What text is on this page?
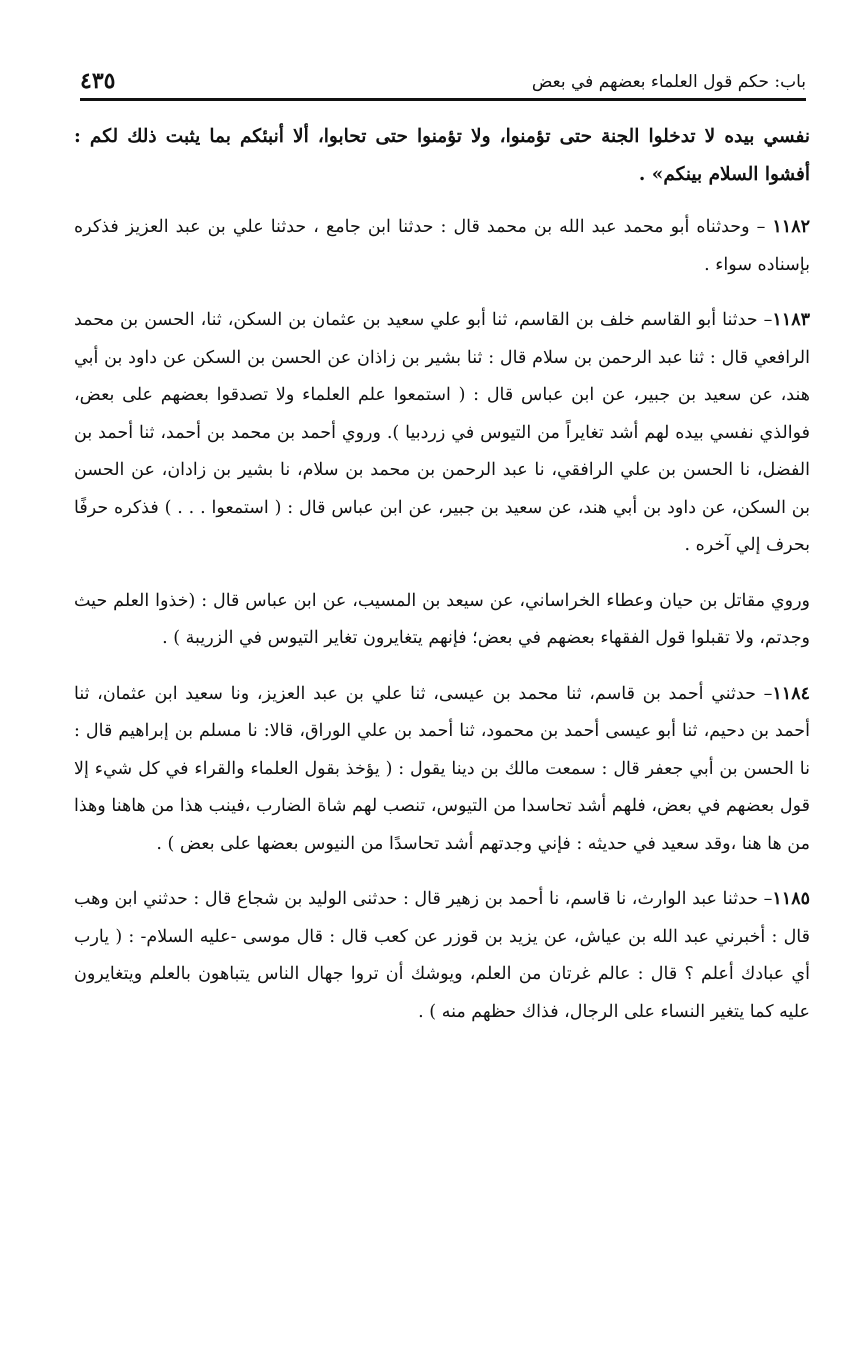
باب: حكم قول العلماء بعضهم في بعض
٤٣٥

نفسي بيده لا تدخلوا الجنة حتى تؤمنوا، ولا تؤمنوا حتى تحابوا، ألا أنبئكم بما يثبت ذلك لكم : أفشوا السلام بينكم» .

١١٨٢ – وحدثناه أبو محمد عبد الله بن محمد قال : حدثنا ابن جامع ، حدثنا علي بن عبد العزيز فذكره بإسناده سواء .

١١٨٣– حدثنا أبو القاسم خلف بن القاسم، ثنا أبو علي سعيد بن عثمان بن السكن، ثنا، الحسن بن محمد الرافعي قال : ثنا عبد الرحمن بن سلام قال : ثنا بشير بن زاذان عن الحسن بن السكن عن داود بن أبي هند، عن سعيد بن جبير، عن ابن عباس قال : ( استمعوا علم العلماء ولا تصدقوا بعضهم على بعض، فوالذي نفسي بيده لهم أشد تغايراً من التيوس في زردبيا ). وروي أحمد بن محمد بن أحمد، ثنا أحمد بن الفضل، نا الحسن بن علي الرافقي، نا عبد الرحمن بن محمد بن سلام، نا بشير بن زادان، عن الحسن بن السكن، عن داود بن أبي هند، عن سعيد بن جبير، عن ابن عباس قال : ( استمعوا . . . ) فذكره حرفًا بحرف إلي آخره .

وروي مقاتل بن حيان وعطاء الخراساني، عن سيعد بن المسيب، عن ابن عباس قال : (خذوا العلم حيث وجدتم، ولا تقبلوا قول الفقهاء بعضهم في بعض؛ فإنهم يتغايرون تغاير التيوس في الزريبة ) .

١١٨٤– حدثني أحمد بن قاسم، ثنا محمد بن عيسى، ثنا علي بن عبد العزيز، ونا سعيد ابن عثمان، ثنا أحمد بن دحيم، ثنا أبو عيسى أحمد بن محمود، ثنا أحمد بن علي الوراق، قالا: نا مسلم بن إبراهيم قال : نا الحسن بن أبي جعفر قال : سمعت مالك بن دينا يقول : ( يؤخذ بقول العلماء والقراء في كل شيء إلا قول بعضهم في بعض، فلهم أشد تحاسدا من التيوس، تنصب لهم شاة الضارب ،فينب هذا من هاهنا وهذا من ها هنا ،وقد سعيد في حديثه : فإني وجدتهم أشد تحاسدًا من النيوس بعضها على بعض ) .

١١٨٥– حدثنا عبد الوارث، نا قاسم، نا أحمد بن زهير قال : حدثنى الوليد بن شجاع قال : حدثني ابن وهب قال : أخبرني عبد الله بن عياش، عن يزيد بن قوزر عن كعب قال : قال موسى -عليه السلام- : ( يارب أي عبادك أعلم ؟ قال : عالم غرتان من العلم، ويوشك أن تروا جهال الناس يتباهون بالعلم ويتغايرون عليه كما يتغير النساء على الرجال، فذاك حظهم منه ) .
